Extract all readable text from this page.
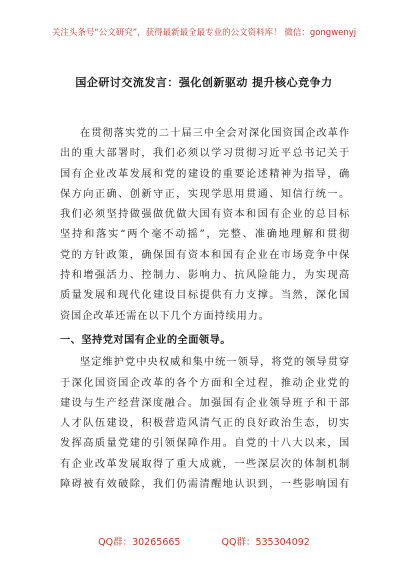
关注头条号“公文研究”，获得最新最全最专业的公文资料库！ 微信：gongwenyj
国企研讨交流发言：强化创新驱动 提升核心竞争力
在贯彻落实党的二十届三中全会对深化国资国企改革作
出的重大部署时，我们必须以学习贯彻习近平总书记关于
国有企业改革发展和党的建设的重要论述精神为指导，确
保方向正确、创新守正，实现学思用贯通、知信行统一。
我们必须坚持做强做优做大国有资本和国有企业的总目标
坚持和落实“两个毫不动摇”，完整、准确地理解和贯彻
党的方针政策，确保国有资本和国有企业在市场竞争中保
持和增强活力、控制力、影响力、抗风险能力，为实现高
质量发展和现代化建设目标提供有力支撑。当然，深化国
资国企改革还需在以下几个方面持续用力。
一、坚持党对国有企业的全面领导。
坚定维护党中央权威和集中统一领导，将党的领导贯穿
于深化国资国企改革的各个方面和全过程，推动企业党的
建设与生产经营深度融合。加强国有企业领导班子和干部
人才队伍建设，积极营造风清气正的良好政治生态，切实
发挥高质量党建的引领保障作用。自党的十八大以来，国
有企业改革发展取得了重大成就，一些深层次的体制机制
障碍被有效破除，我们仍需清醒地认识到，一些影响国有
QQ群：30265665	QQ群：535304092
